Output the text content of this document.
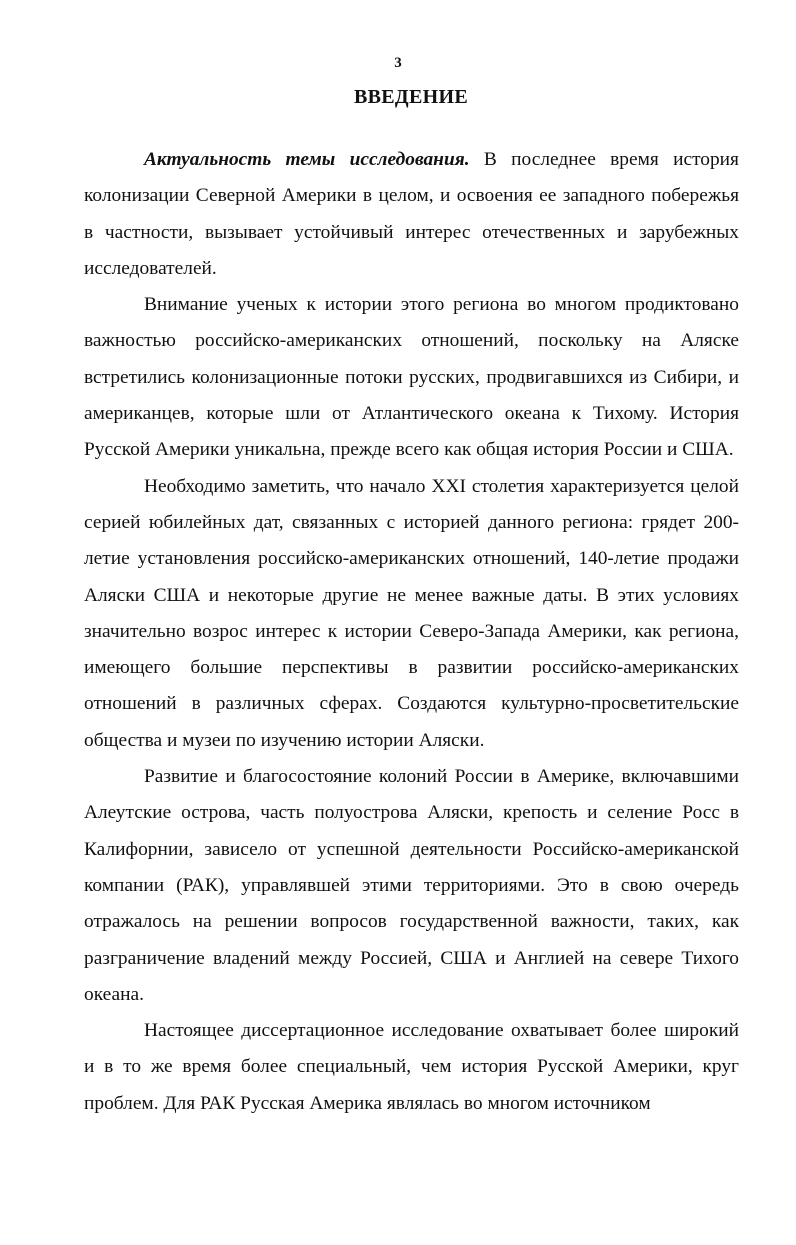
3
ВВЕДЕНИЕ

Актуальность темы исследования. В последнее время история колонизации Северной Америки в целом, и освоения ее западного побережья в частности, вызывает устойчивый интерес отечественных и зарубежных исследователей.

Внимание ученых к истории этого региона во многом продиктовано важностью российско-американских отношений, поскольку на Аляске встретились колонизационные потоки русских, продвигавшихся из Сибири, и американцев, которые шли от Атлантического океана к Тихому. История Русской Америки уникальна, прежде всего как общая история России и США.

Необходимо заметить, что начало XXI столетия характеризуется целой серией юбилейных дат, связанных с историей данного региона: грядет 200-летие установления российско-американских отношений, 140-летие продажи Аляски США и некоторые другие не менее важные даты. В этих условиях значительно возрос интерес к истории Северо-Запада Америки, как региона, имеющего большие перспективы в развитии российско-американских отношений в различных сферах. Создаются культурно-просветительские общества и музеи по изучению истории Аляски.

Развитие и благосостояние колоний России в Америке, включавшими Алеутские острова, часть полуострова Аляски, крепость и селение Росс в Калифорнии, зависело от успешной деятельности Российско-американской компании (РАК), управлявшей этими территориями. Это в свою очередь отражалось на решении вопросов государственной важности, таких, как разграничение владений между Россией, США и Англией на севере Тихого океана.

Настоящее диссертационное исследование охватывает более широкий и в то же время более специальный, чем история Русской Америки, круг проблем. Для РАК Русская Америка являлась во многом источником
